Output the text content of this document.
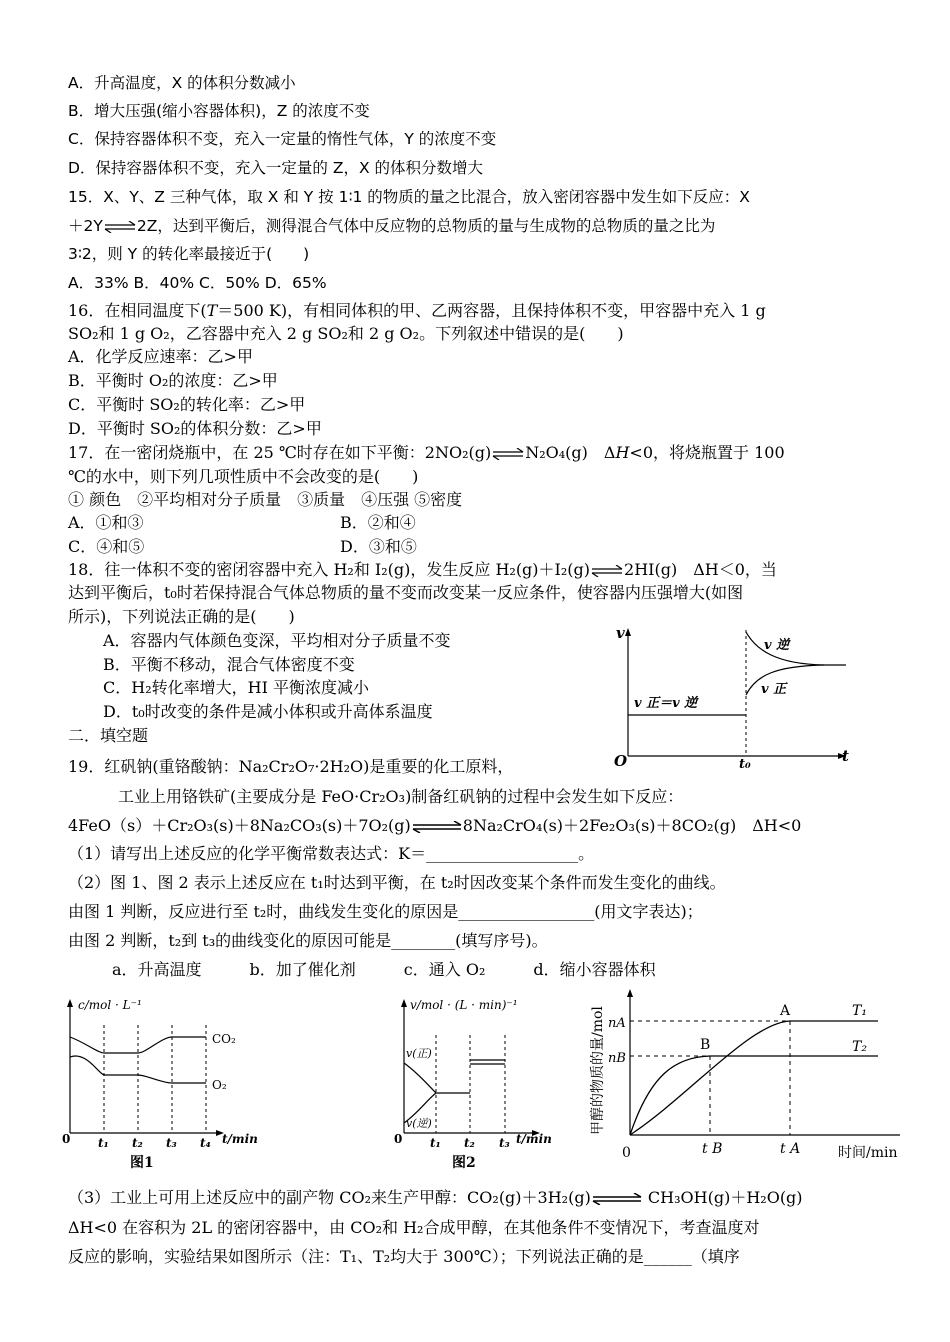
A．升高温度，X 的体积分数减小
B．增大压强(缩小容器体积)，Z 的浓度不变
C．保持容器体积不变，充入一定量的惰性气体，Y 的浓度不变
D．保持容器体积不变，充入一定量的 Z，X 的体积分数增大
15．X、Y、Z 三种气体，取 X 和 Y 按 1∶1 的物质的量之比混合，放入密闭容器中发生如下反应：X
＋2Y⇌2Z，达到平衡后，测得混合气体中反应物的总物质的量与生成物的总物质的量之比为
3∶2，则 Y 的转化率最接近于(　　)
A．33% B．40% C．50% D．65%
16．在相同温度下(T＝500 K)，有相同体积的甲、乙两容器，且保持体积不变，甲容器中充入 1 g
SO₂和 1 g O₂，乙容器中充入 2 g SO₂和 2 g O₂。下列叙述中错误的是(　　)
A．化学反应速率：乙>甲
B．平衡时 O₂的浓度：乙>甲
C．平衡时 SO₂的转化率：乙>甲
D．平衡时 SO₂的体积分数：乙>甲
17．在一密闭烧瓶中，在 25 ℃时存在如下平衡：2NO₂(g)⇌N₂O₄(g)　ΔH<0，将烧瓶置于 100
℃的水中，则下列几项性质中不会改变的是(　　)
① 颜色　②平均相对分子质量　③质量　④压强 ⑤密度
A．①和③	B．②和④
C．④和⑤	D．③和⑤
18．往一体积不变的密闭容器中充入 H₂和 I₂(g)，发生反应 H₂(g)＋I₂(g)⇌2HI(g)　ΔH＜0，当
达到平衡后，t₀时若保持混合气体总物质的量不变而改变某一反应条件，使容器内压强增大(如图
所示)，下列说法正确的是(　　)
A．容器内气体颜色变深，平均相对分子质量不变
B．平衡不移动，混合气体密度不变
C．H₂转化率增大，HI 平衡浓度减小
D．t₀时改变的条件是减小体积或升高体系温度
v
t
O
v 逆
v 正
v 正＝v 逆
t₀
二．填空题
19．红矾钠(重铬酸钠：Na₂Cr₂O₇·2H₂O)是重要的化工原料，
工业上用铬铁矿(主要成分是 FeO·Cr₂O₃)制备红矾钠的过程中会发生如下反应：
4FeO（s）＋Cr₂O₃(s)＋8Na₂CO₃(s)＋7O₂(g)⇌8Na₂CrO₄(s)＋2Fe₂O₃(s)＋8CO₂(g)　ΔH<0
（1）请写出上述反应的化学平衡常数表达式：K＝___________________。
（2）图 1、图 2 表示上述反应在 t₁时达到平衡，在 t₂时因改变某个条件而发生变化的曲线。
由图 1 判断，反应进行至 t₂时，曲线发生变化的原因是_________________(用文字表达)；
由图 2 判断，t₂到 t₃的曲线变化的原因可能是________(填写序号)。
a．升高温度　　　b．加了催化剂　　　c．通入 O₂　　　d．缩小容器体积
c/mol · L⁻¹
0
CO₂
O₂
t₁ t₂ t₃ t₄ t/min
图1
v/mol · (L · min)⁻¹
0
v(正)
v(逆)
t₁ t₂ t₃ t/min
图2
甲醇的物质的量/mol nA
nB
A
B
T₁
T₂
0	t B	t A	时间/min
（3）工业上可用上述反应中的副产物 CO₂来生产甲醇：CO₂(g)＋3H₂(g)⇌ CH₃OH(g)＋H₂O(g)
ΔH<0 在容积为 2L 的密闭容器中，由 CO₂和 H₂合成甲醇，在其他条件不变情况下，考查温度对
反应的影响，实验结果如图所示（注：T₁、T₂均大于 300℃）；下列说法正确的是______（填序
